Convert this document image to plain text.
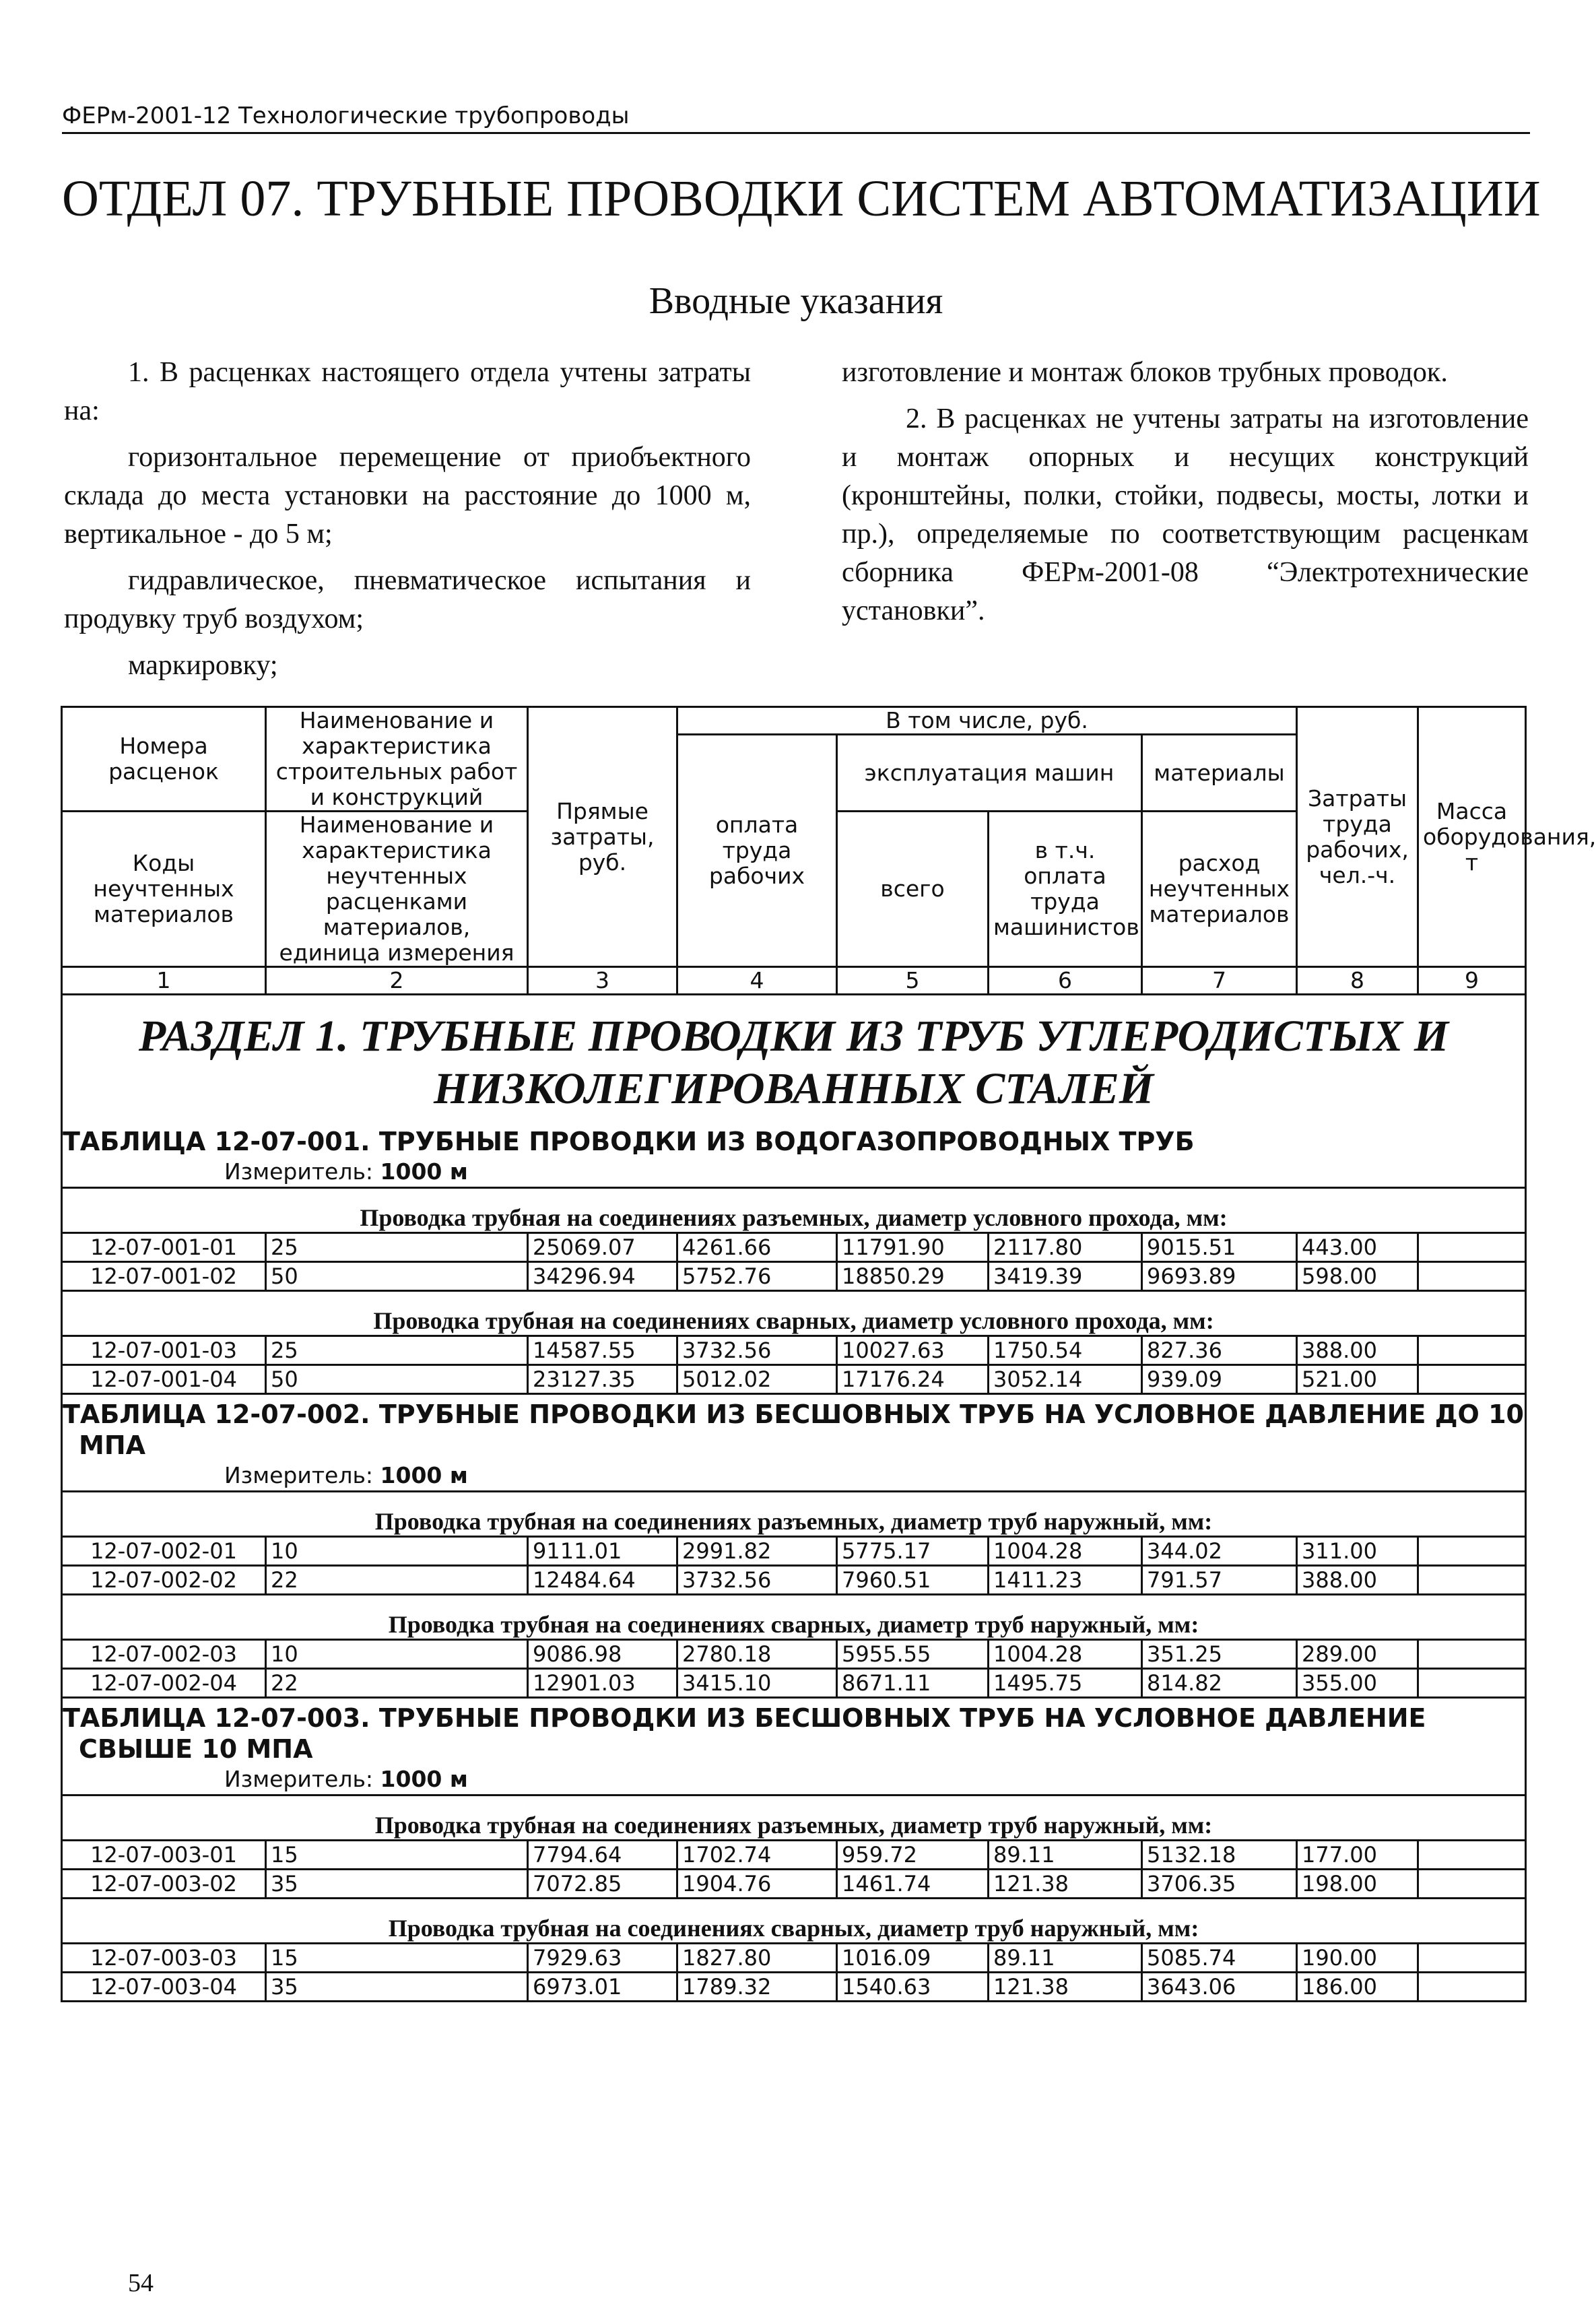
ФЕРм-2001-12 Технологические трубопроводы
ОТДЕЛ 07. ТРУБНЫЕ ПРОВОДКИ СИСТЕМ АВТОМАТИЗАЦИИ
Вводные указания

1. В расценках настоящего отдела учтены затраты на:

горизонтальное перемещение от приобъектного склада до места установки на расстояние до 1000 м, вертикальное - до 5 м;

гидравлическое, пневматическое испытания и продувку труб воздухом;

маркировку;

изготовление и монтаж блоков трубных проводок.

2. В расценках не учтены затраты на изготовление и монтаж опорных и несущих конструкций (кронштейны, полки, стойки, подвесы, мосты, лотки и пр.), определяемые по соответствующим расценкам сборника ФЕРм-2001-08 “Электротехнические установки”.

Номера расценок	Наименование и характеристика строительных работ и конструкций	Прямые затраты, руб.	В том числе, руб.				Затраты труда рабочих, чел.-ч.	Масса оборудования, т
			оплата труда рабочих	эксплуатация машин		материалы		

Коды неучтенных материалов	Наименование и характеристика неучтенных расценками материалов, единица измерения			всего	в т.ч. оплата труда машинистов	расход неучтенных материалов		

1	2	3	4	5	6	7	8	9

РАЗДЕЛ 1. ТРУБНЫЕ ПРОВОДКИ ИЗ ТРУБ УГЛЕРОДИСТЫХ И НИЗКОЛЕГИРОВАННЫХ СТАЛЕЙ								

ТАБЛИЦА 12-07-001. ТРУБНЫЕ ПРОВОДКИ ИЗ ВОДОГАЗОПРОВОДНЫХ ТРУБ
Измеритель: 1000 м								

Проводка трубная на соединениях разъемных, диаметр условного прохода, мм:								

12-07-001-01	25	25069.07	4261.66	11791.90	2117.80	9015.51	443.00	
12-07-001-02	50	34296.94	5752.76	18850.29	3419.39	9693.89	598.00	

Проводка трубная на соединениях сварных, диаметр условного прохода, мм:								

12-07-001-03	25	14587.55	3732.56	10027.63	1750.54	827.36	388.00	
12-07-001-04	50	23127.35	5012.02	17176.24	3052.14	939.09	521.00	

ТАБЛИЦА 12-07-002. ТРУБНЫЕ ПРОВОДКИ ИЗ БЕСШОВНЫХ ТРУБ НА УСЛОВНОЕ ДАВЛЕНИЕ ДО 10 МПА
Измеритель: 1000 м								

Проводка трубная на соединениях разъемных, диаметр труб наружный, мм:								

12-07-002-01	10	9111.01	2991.82	5775.17	1004.28	344.02	311.00	
12-07-002-02	22	12484.64	3732.56	7960.51	1411.23	791.57	388.00	

Проводка трубная на соединениях сварных, диаметр труб наружный, мм:								

12-07-002-03	10	9086.98	2780.18	5955.55	1004.28	351.25	289.00	
12-07-002-04	22	12901.03	3415.10	8671.11	1495.75	814.82	355.00	

ТАБЛИЦА 12-07-003. ТРУБНЫЕ ПРОВОДКИ ИЗ БЕСШОВНЫХ ТРУБ НА УСЛОВНОЕ ДАВЛЕНИЕ СВЫШЕ 10 МПА
Измеритель: 1000 м								

Проводка трубная на соединениях разъемных, диаметр труб наружный, мм:								

12-07-003-01	15	7794.64	1702.74	959.72	89.11	5132.18	177.00	
12-07-003-02	35	7072.85	1904.76	1461.74	121.38	3706.35	198.00	

Проводка трубная на соединениях сварных, диаметр труб наружный, мм:								

12-07-003-03	15	7929.63	1827.80	1016.09	89.11	5085.74	190.00	
12-07-003-04	35	6973.01	1789.32	1540.63	121.38	3643.06	186.00	
54
